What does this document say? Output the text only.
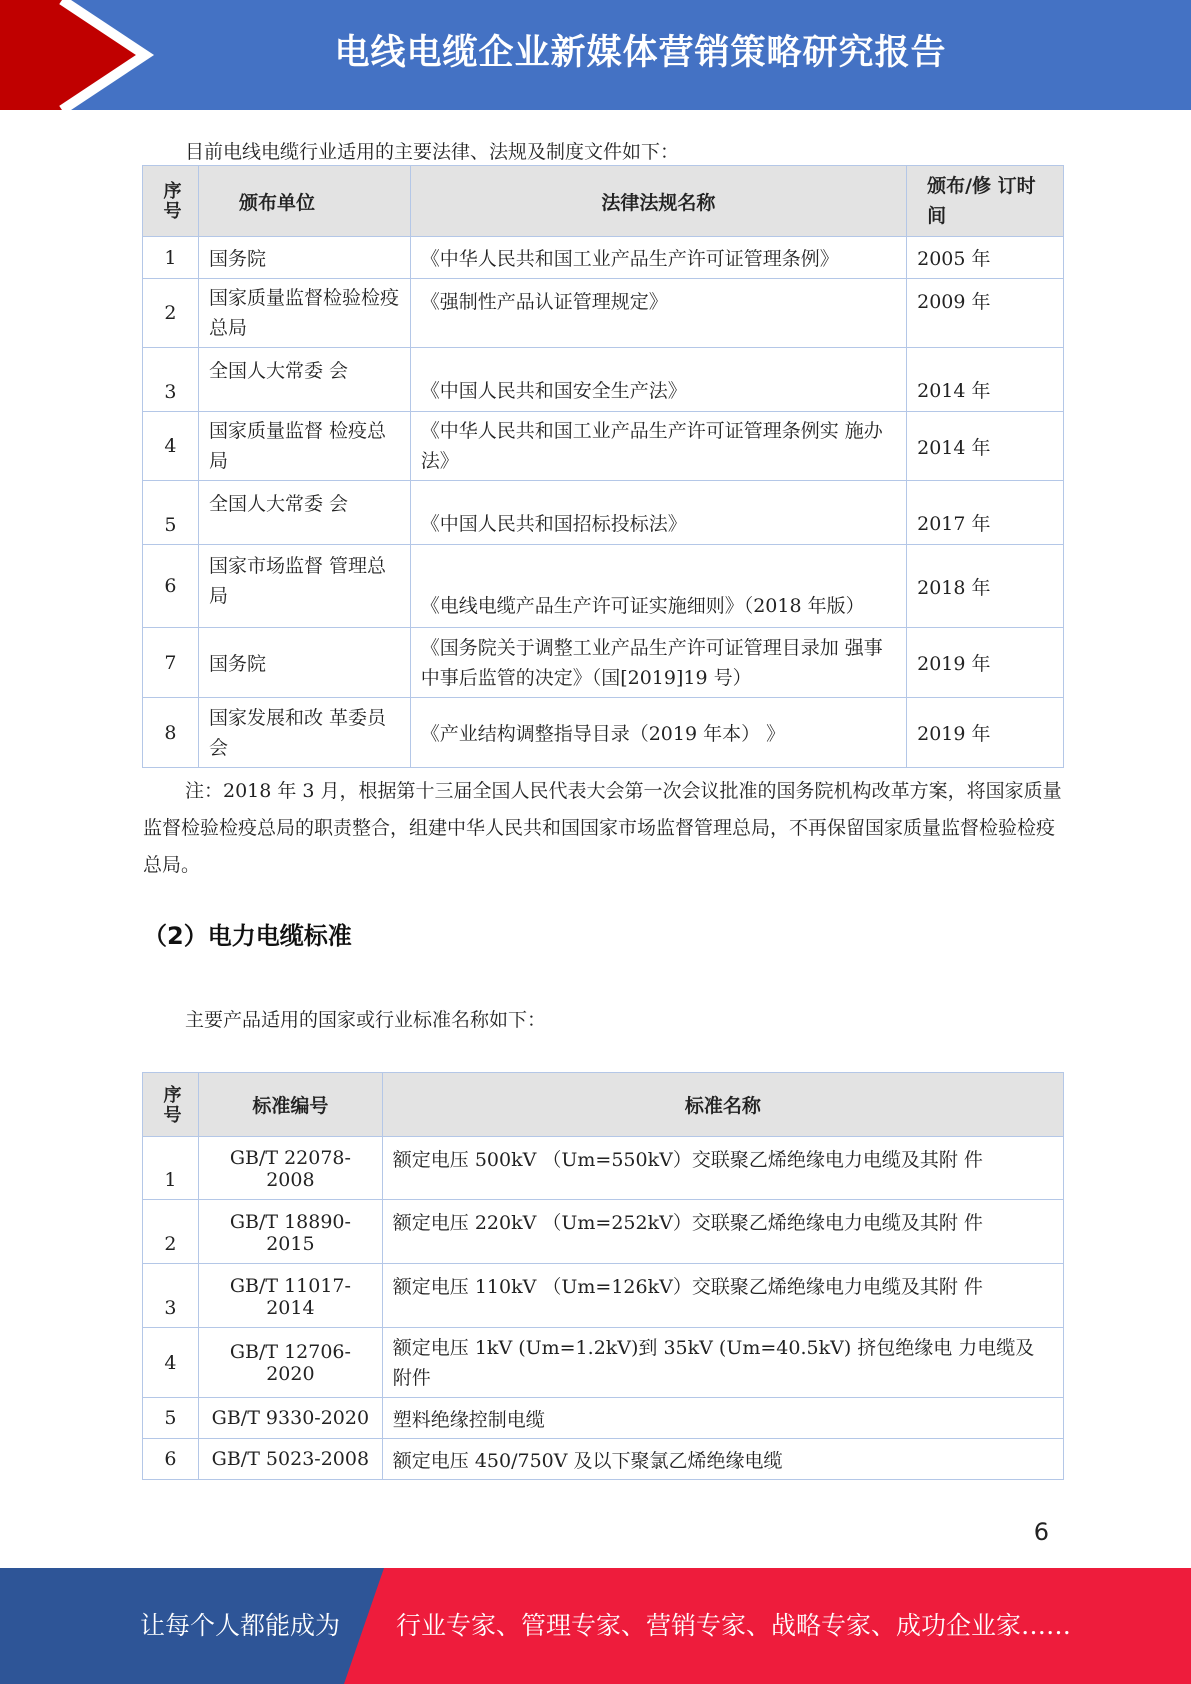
电线电缆企业新媒体营销策略研究报告
目前电线电缆行业适用的主要法律、法规及制度文件如下：
序号	颁布单位	法律法规名称	颁布/修 订时间
1	国务院	《中华人民共和国工业产品生产许可证管理条例》	2005 年
2	国家质量监督检验检疫总局	《强制性产品认证管理规定》	2009 年
3	全国人大常委 会	《中国人民共和国安全生产法》	2014 年
4	国家质量监督 检疫总局	《中华人民共和国工业产品生产许可证管理条例实 施办法》	2014 年
5	全国人大常委 会	《中国人民共和国招标投标法》	2017 年
6	国家市场监督 管理总局	《电线电缆产品生产许可证实施细则》（2018 年版）	2018 年
7	国务院	《国务院关于调整工业产品生产许可证管理目录加 强事中事后监管的决定》（国[2019]19 号）	2019 年
8	国家发展和改 革委员会	《产业结构调整指导目录（2019 年本） 》	2019 年
注：2018 年 3 月，根据第十三届全国人民代表大会第一次会议批准的国务院机构改革方案，将国家质量监督检验检疫总局的职责整合，组建中华人民共和国国家市场监督管理总局，不再保留国家质量监督检验检疫总局。
（2）电力电缆标准
主要产品适用的国家或行业标准名称如下：
序号	标准编号	标准名称
1	GB/T 22078-2008	额定电压 500kV （Um=550kV）交联聚乙烯绝缘电力电缆及其附 件
2	GB/T 18890-2015	额定电压 220kV （Um=252kV）交联聚乙烯绝缘电力电缆及其附 件
3	GB/T 11017-2014	额定电压 110kV （Um=126kV）交联聚乙烯绝缘电力电缆及其附 件
4	GB/T 12706-2020	额定电压 1kV (Um=1.2kV)到 35kV (Um=40.5kV) 挤包绝缘电 力电缆及附件
5	GB/T 9330-2020	塑料绝缘控制电缆
6	GB/T 5023-2008	额定电压 450/750V 及以下聚氯乙烯绝缘电缆
6
让每个人都能成为 行业专家、管理专家、营销专家、战略专家、成功企业家……
